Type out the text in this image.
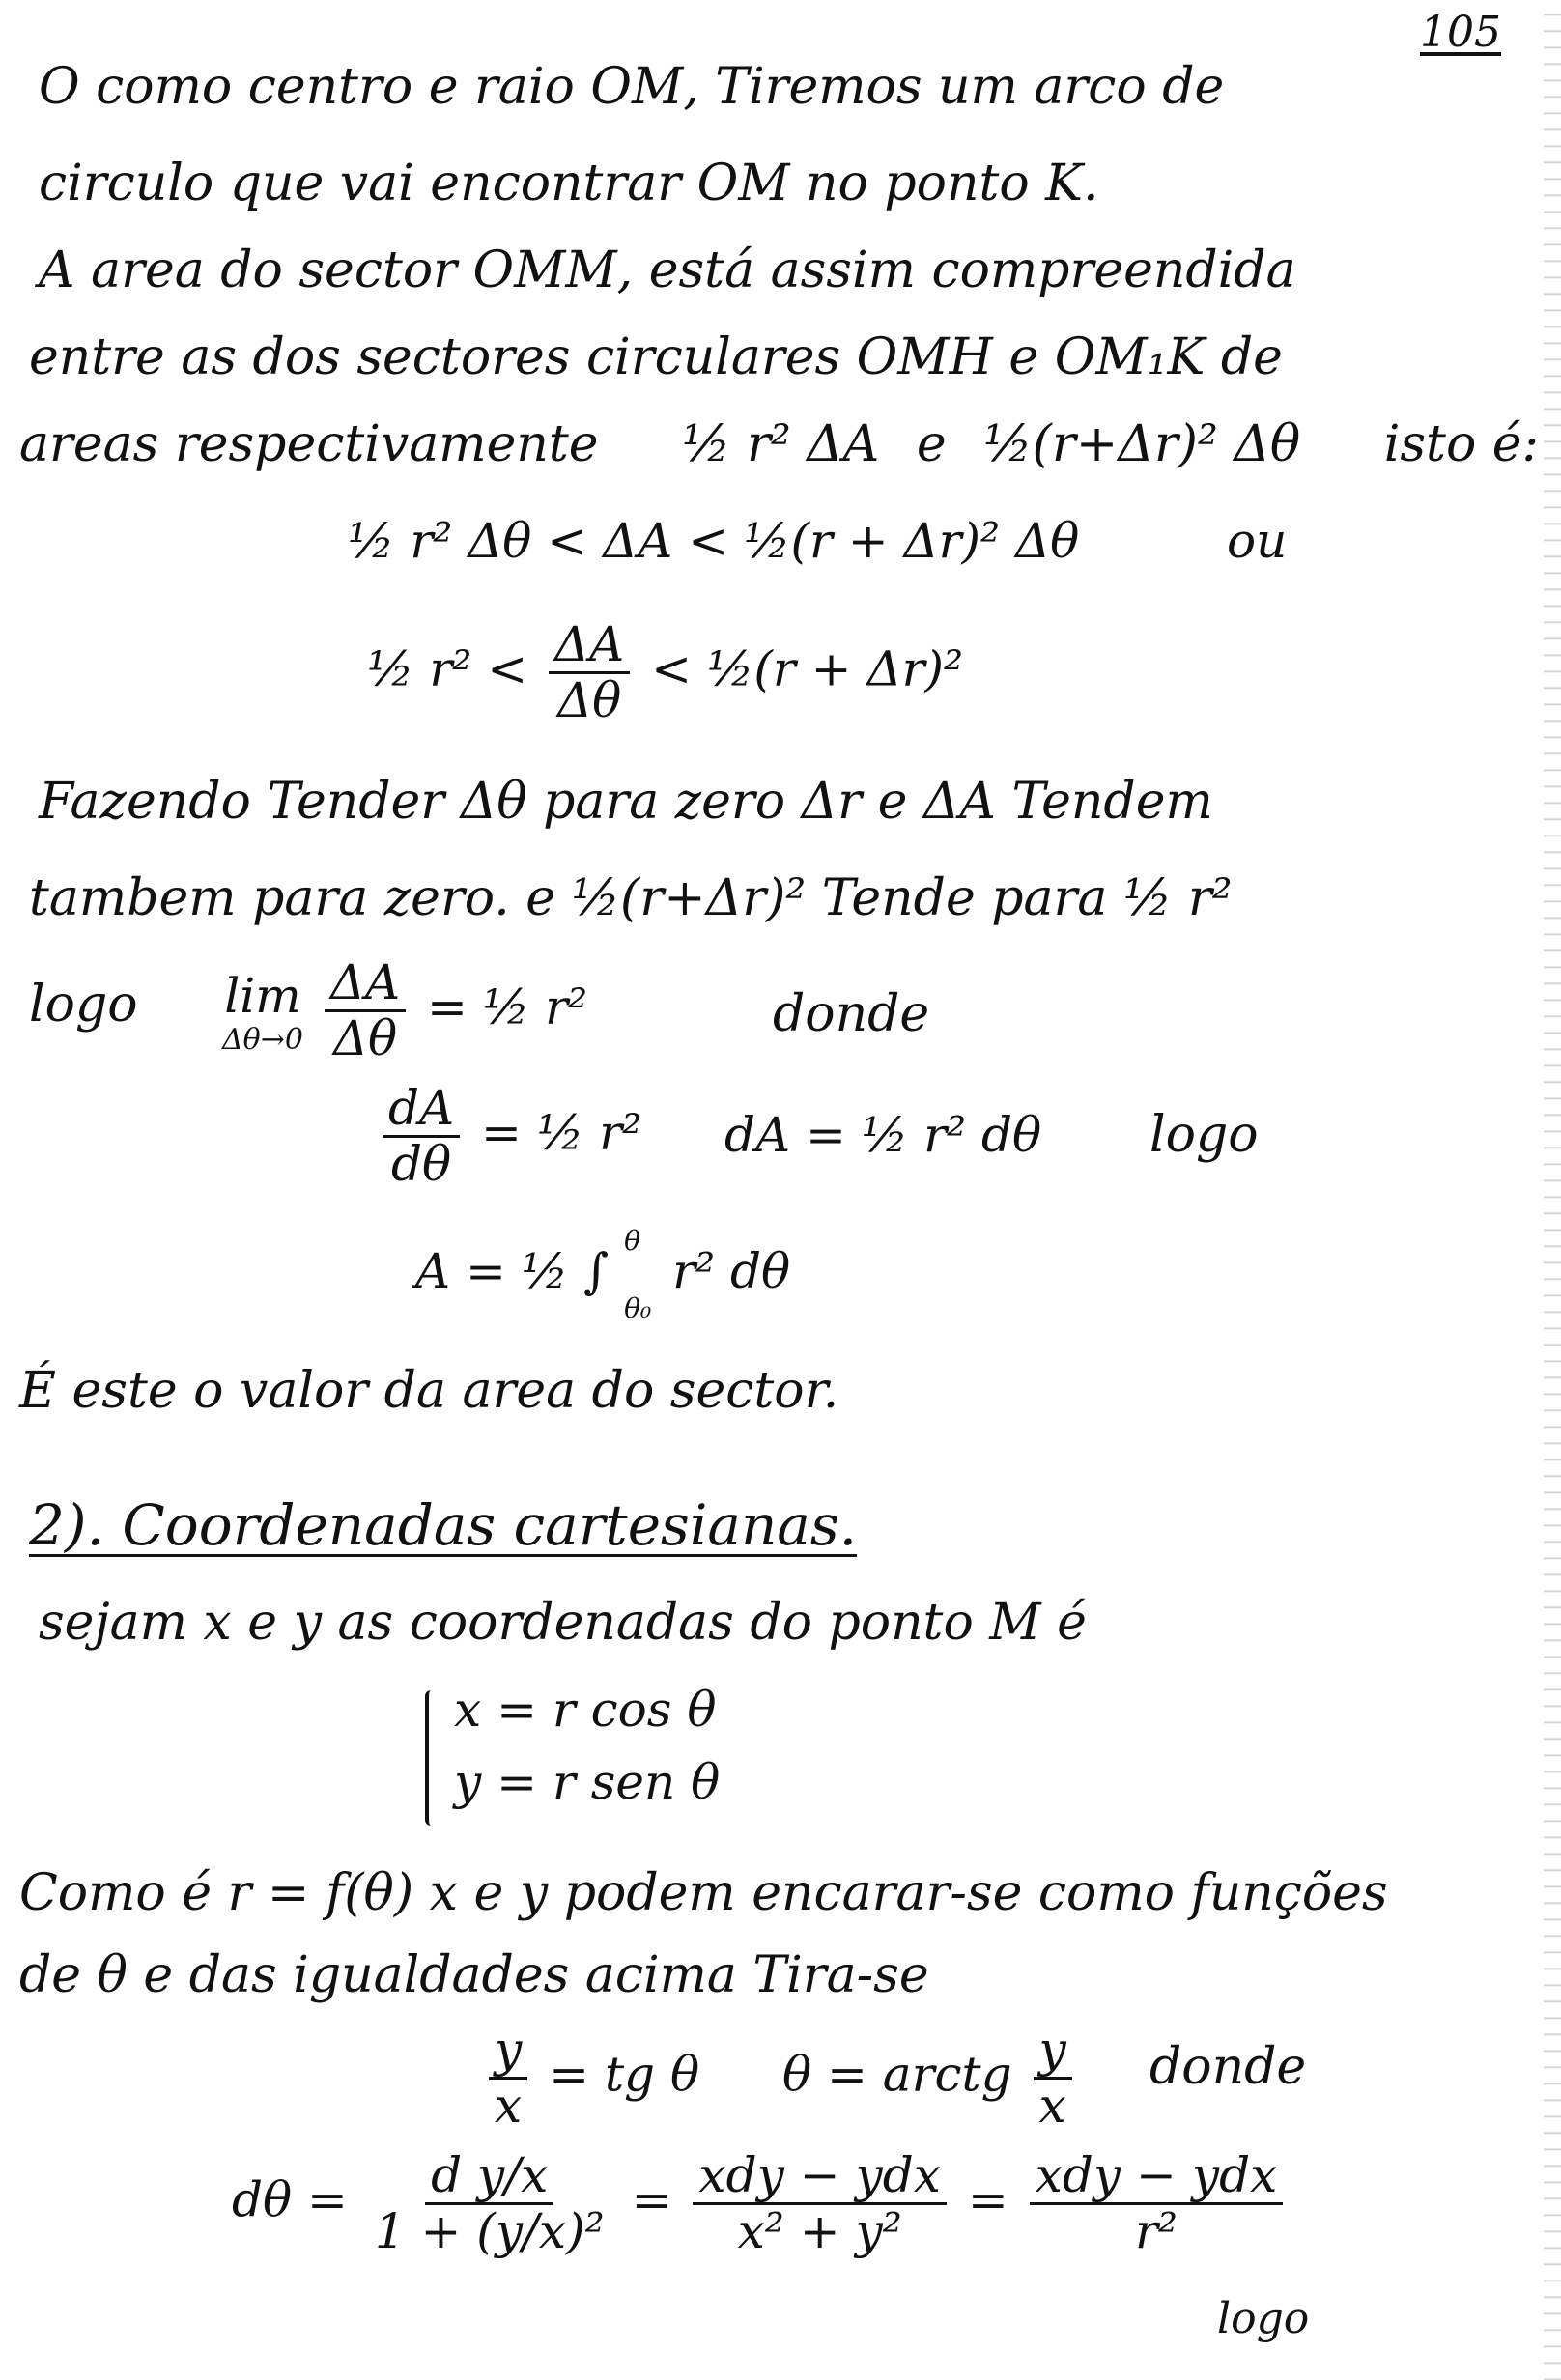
105
O como centro e raio OM, Tiremos um arco de
circulo que vai encontrar OM no ponto K.
A area do sector OMM, está assim compreendida
entre as dos sectores circulares OMH e OM₁K de
areas respectivamente ½ r² ΔA e ½(r+Δr)² Δθ isto é:
½ r² Δθ < ΔA < ½(r + Δr)² Δθ	ou
½ $r^2 < \frac{\Delta A}{\Delta\theta}$ < ½(r + Δr)²
Fazendo Tender Δθ para zero Δr e ΔA Tendem
tambem para zero. e ½(r+Δr)² Tende para ½ r²
logo lim
Δθ→0
$\frac{\Delta A}{\Delta\theta}$ = ½ r²	donde
$\frac{dA}{d\theta}$ = ½ r² dA = ½ r² dθ logo
A = ½ ∫
θ
θ₀
r² dθ
É este o valor da area do sector.
2). Coordenadas cartesianas.
sejam x e y as coordenadas do ponto M é
x = r cos θ
y = r sen θ
Como é r = f(θ) x e y podem encarar-se como funções
de θ e das igualdades acima Tira-se
$\frac{y}{x}$ = tg θ θ = arctg $\frac{y}{x}$ donde
$d\theta = \frac{\text{d y/x}}{\text{1 + (y/x)²}} = \frac{\text{xdy − ydx}}{\text{x² + y²}} = \frac{\text{xdy − ydx}}{\text{r²}}$
logo
